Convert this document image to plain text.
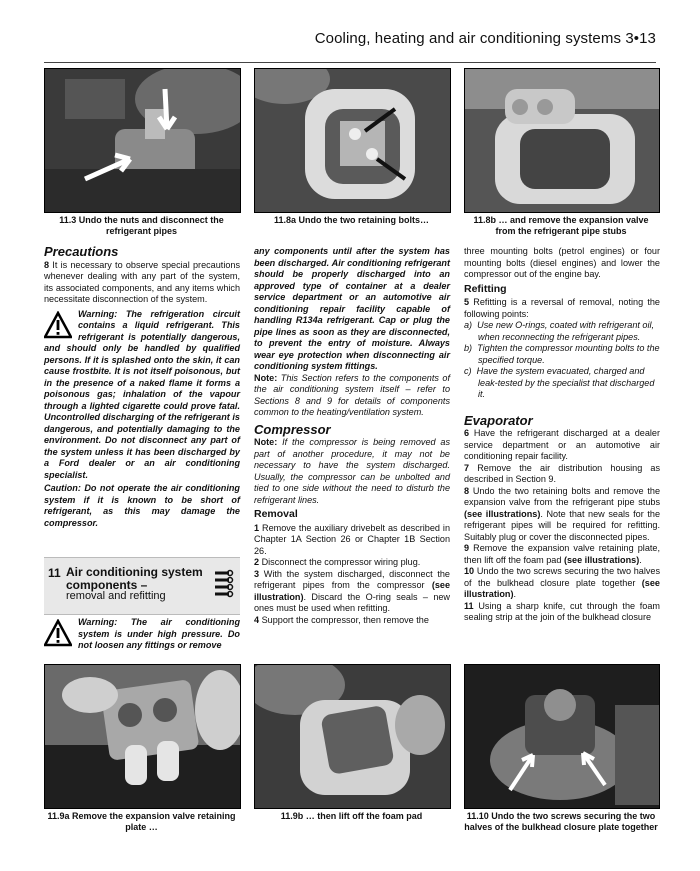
Cooling, heating and air conditioning systems 3•13
11.3 Undo the nuts and disconnect the refrigerant pipes
11.8a Undo the two retaining bolts…	11.8b … and remove the expansion valve from the refrigerant pipe stubs
Precautions

8 It is necessary to observe special precautions whenever dealing with any part of the system, its associated components, and any items which necessitate disconnection of the system.

Warning: The refrigeration circuit contains a liquid refrigerant. This refrigerant is potentially dangerous, and should only be handled by qualified persons. If it is splashed onto the skin, it can cause frostbite. It is not itself poisonous, but in the presence of a naked flame it forms a poisonous gas; inhalation of the vapour through a lighted cigarette could prove fatal. Uncontrolled discharging of the refrigerant is dangerous, and potentially damaging to the environment. Do not disconnect any part of the system unless it has been discharged by a Ford dealer or an air conditioning specialist.

Caution: Do not operate the air conditioning system if it is known to be short of refrigerant, as this may damage the compressor.

11 Air conditioning system components –
removal and refitting

Warning: The air conditioning system is under high pressure. Do not loosen any fittings or remove

any components until after the system has been discharged. Air conditioning refrigerant should be properly discharged into an approved type of container at a dealer service department or an automotive air conditioning repair facility capable of handling R134a refrigerant. Cap or plug the pipe lines as soon as they are disconnected, to prevent the entry of moisture. Always wear eye protection when disconnecting air conditioning system fittings.

Note: This Section refers to the components of the air conditioning system itself – refer to Sections 8 and 9 for details of components common to the heating/ventilation system.

Compressor

Note: If the compressor is being removed as part of another procedure, it may not be necessary to have the system discharged. Usually, the compressor can be unbolted and tied to one side without the need to disturb the refrigerant lines.

Removal

1 Remove the auxiliary drivebelt as described in Chapter 1A Section 26 or Chapter 1B Section 26.

2 Disconnect the compressor wiring plug.

3 With the system discharged, disconnect the refrigerant pipes from the compressor (see illustration). Discard the O-ring seals – new ones must be used when refitting.

4 Support the compressor, then remove the

three mounting bolts (petrol engines) or four mounting bolts (diesel engines) and lower the compressor out of the engine bay.

Refitting

5 Refitting is a reversal of removal, noting the following points:

a) Use new O-rings, coated with refrigerant oil, when reconnecting the refrigerant pipes.

b) Tighten the compressor mounting bolts to the specified torque.

c) Have the system evacuated, charged and leak-tested by the specialist that discharged it.

Evaporator

6 Have the refrigerant discharged at a dealer service department or an automotive air conditioning repair facility.

7 Remove the air distribution housing as described in Section 9.

8 Undo the two retaining bolts and remove the expansion valve from the refrigerant pipe stubs (see illustrations). Note that new seals for the refrigerant pipes will be required for refitting. Suitably plug or cover the disconnected pipes.

9 Remove the expansion valve retaining plate, then lift off the foam pad (see illustrations).

10 Undo the two screws securing the two halves of the bulkhead closure plate together (see illustration).

11 Using a sharp knife, cut through the foam sealing strip at the join of the bulkhead closure

11.9a Remove the expansion valve retaining plate …
11.9b … then lift off the foam pad	11.10 Undo the two screws securing the two halves of the bulkhead closure plate together
